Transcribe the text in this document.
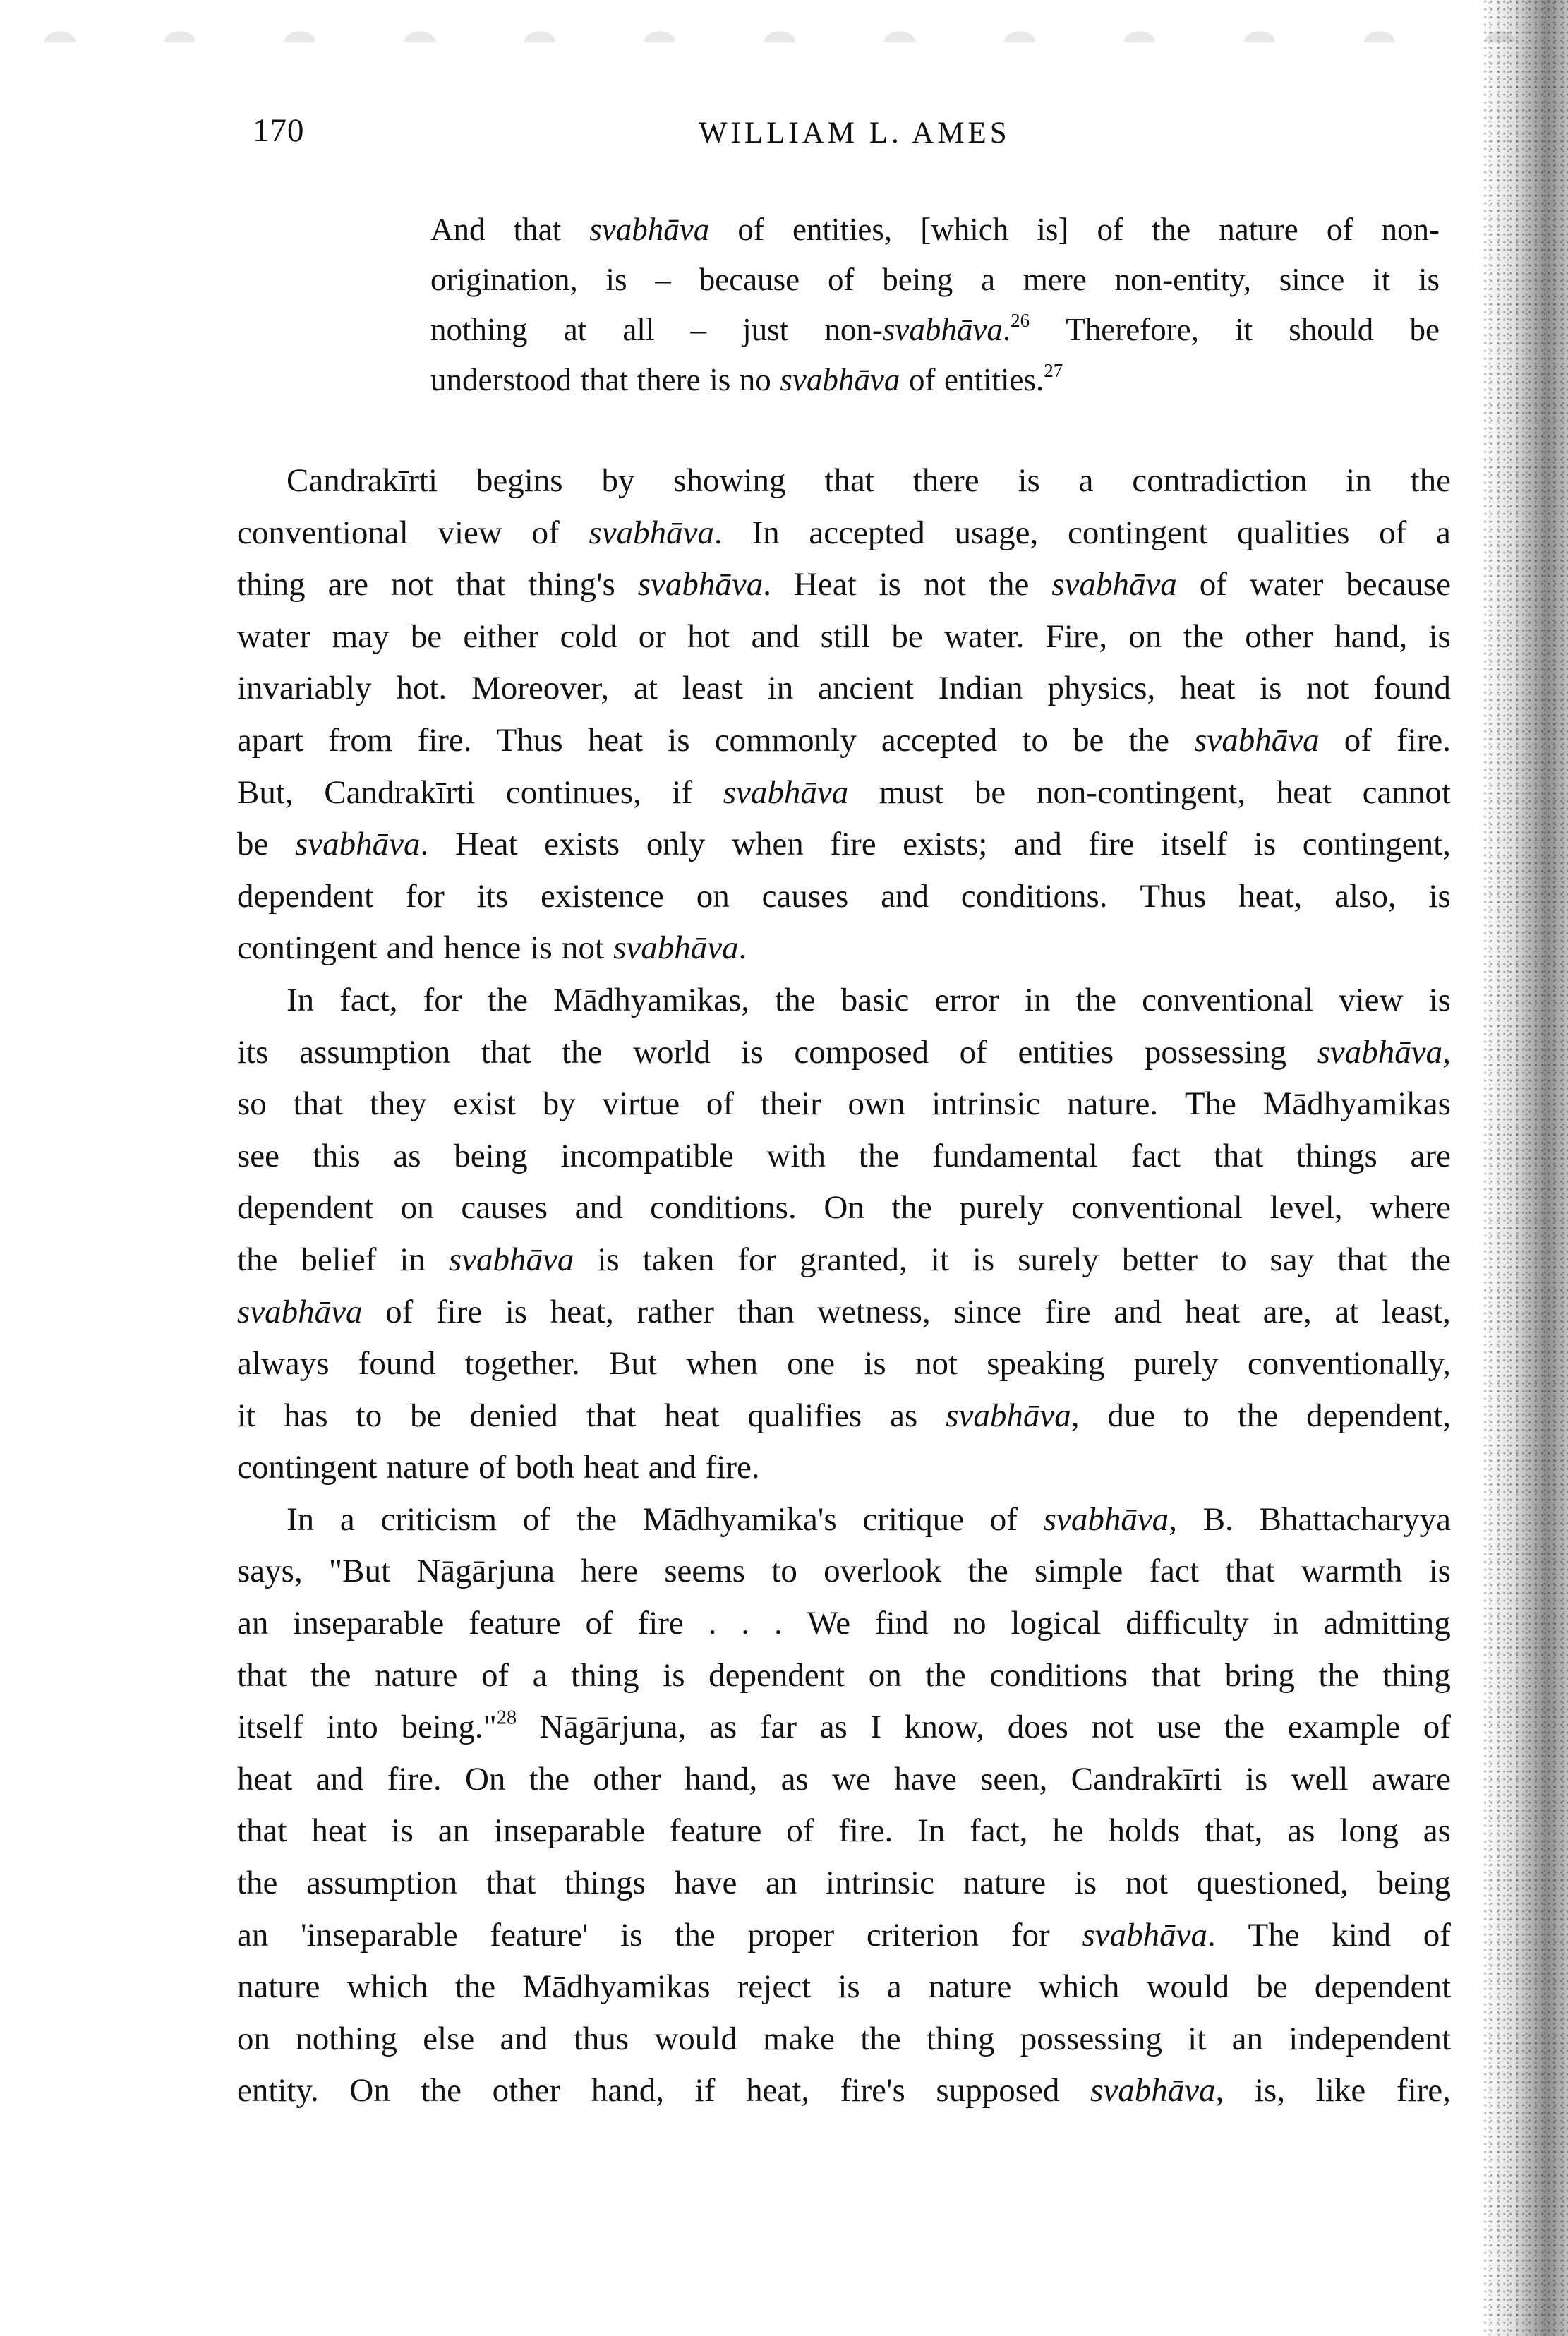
170	WILLIAM L. AMES
And that svabhāva of entities, [which is] of the nature of non-
origination, is – because of being a mere non-entity, since it is
nothing at all – just non-svabhāva.$^{26}$ Therefore, it should be
understood that there is no svabhāva of entities.$^{27}$
Candrakīrti begins by showing that there is a contradiction in the
conventional view of svabhāva. In accepted usage, contingent qualities of a
thing are not that thing's svabhāva. Heat is not the svabhāva of water because
water may be either cold or hot and still be water. Fire, on the other hand, is
invariably hot. Moreover, at least in ancient Indian physics, heat is not found
apart from fire. Thus heat is commonly accepted to be the svabhāva of fire.
But, Candrakīrti continues, if svabhāva must be non-contingent, heat cannot
be svabhāva. Heat exists only when fire exists; and fire itself is contingent,
dependent for its existence on causes and conditions. Thus heat, also, is
contingent and hence is not svabhāva.
In fact, for the Mādhyamikas, the basic error in the conventional view is
its assumption that the world is composed of entities possessing svabhāva,
so that they exist by virtue of their own intrinsic nature. The Mādhyamikas
see this as being incompatible with the fundamental fact that things are
dependent on causes and conditions. On the purely conventional level, where
the belief in svabhāva is taken for granted, it is surely better to say that the
svabhāva of fire is heat, rather than wetness, since fire and heat are, at least,
always found together. But when one is not speaking purely conventionally,
it has to be denied that heat qualifies as svabhāva, due to the dependent,
contingent nature of both heat and fire.
In a criticism of the Mādhyamika's critique of svabhāva, B. Bhattacharyya
says, "But Nāgārjuna here seems to overlook the simple fact that warmth is
an inseparable feature of fire . . . We find no logical difficulty in admitting
that the nature of a thing is dependent on the conditions that bring the thing
itself into being."$^{28}$ Nāgārjuna, as far as I know, does not use the example of
heat and fire. On the other hand, as we have seen, Candrakīrti is well aware
that heat is an inseparable feature of fire. In fact, he holds that, as long as
the assumption that things have an intrinsic nature is not questioned, being
an 'inseparable feature' is the proper criterion for svabhāva. The kind of
nature which the Mādhyamikas reject is a nature which would be dependent
on nothing else and thus would make the thing possessing it an independent
entity. On the other hand, if heat, fire's supposed svabhāva, is, like fire,
